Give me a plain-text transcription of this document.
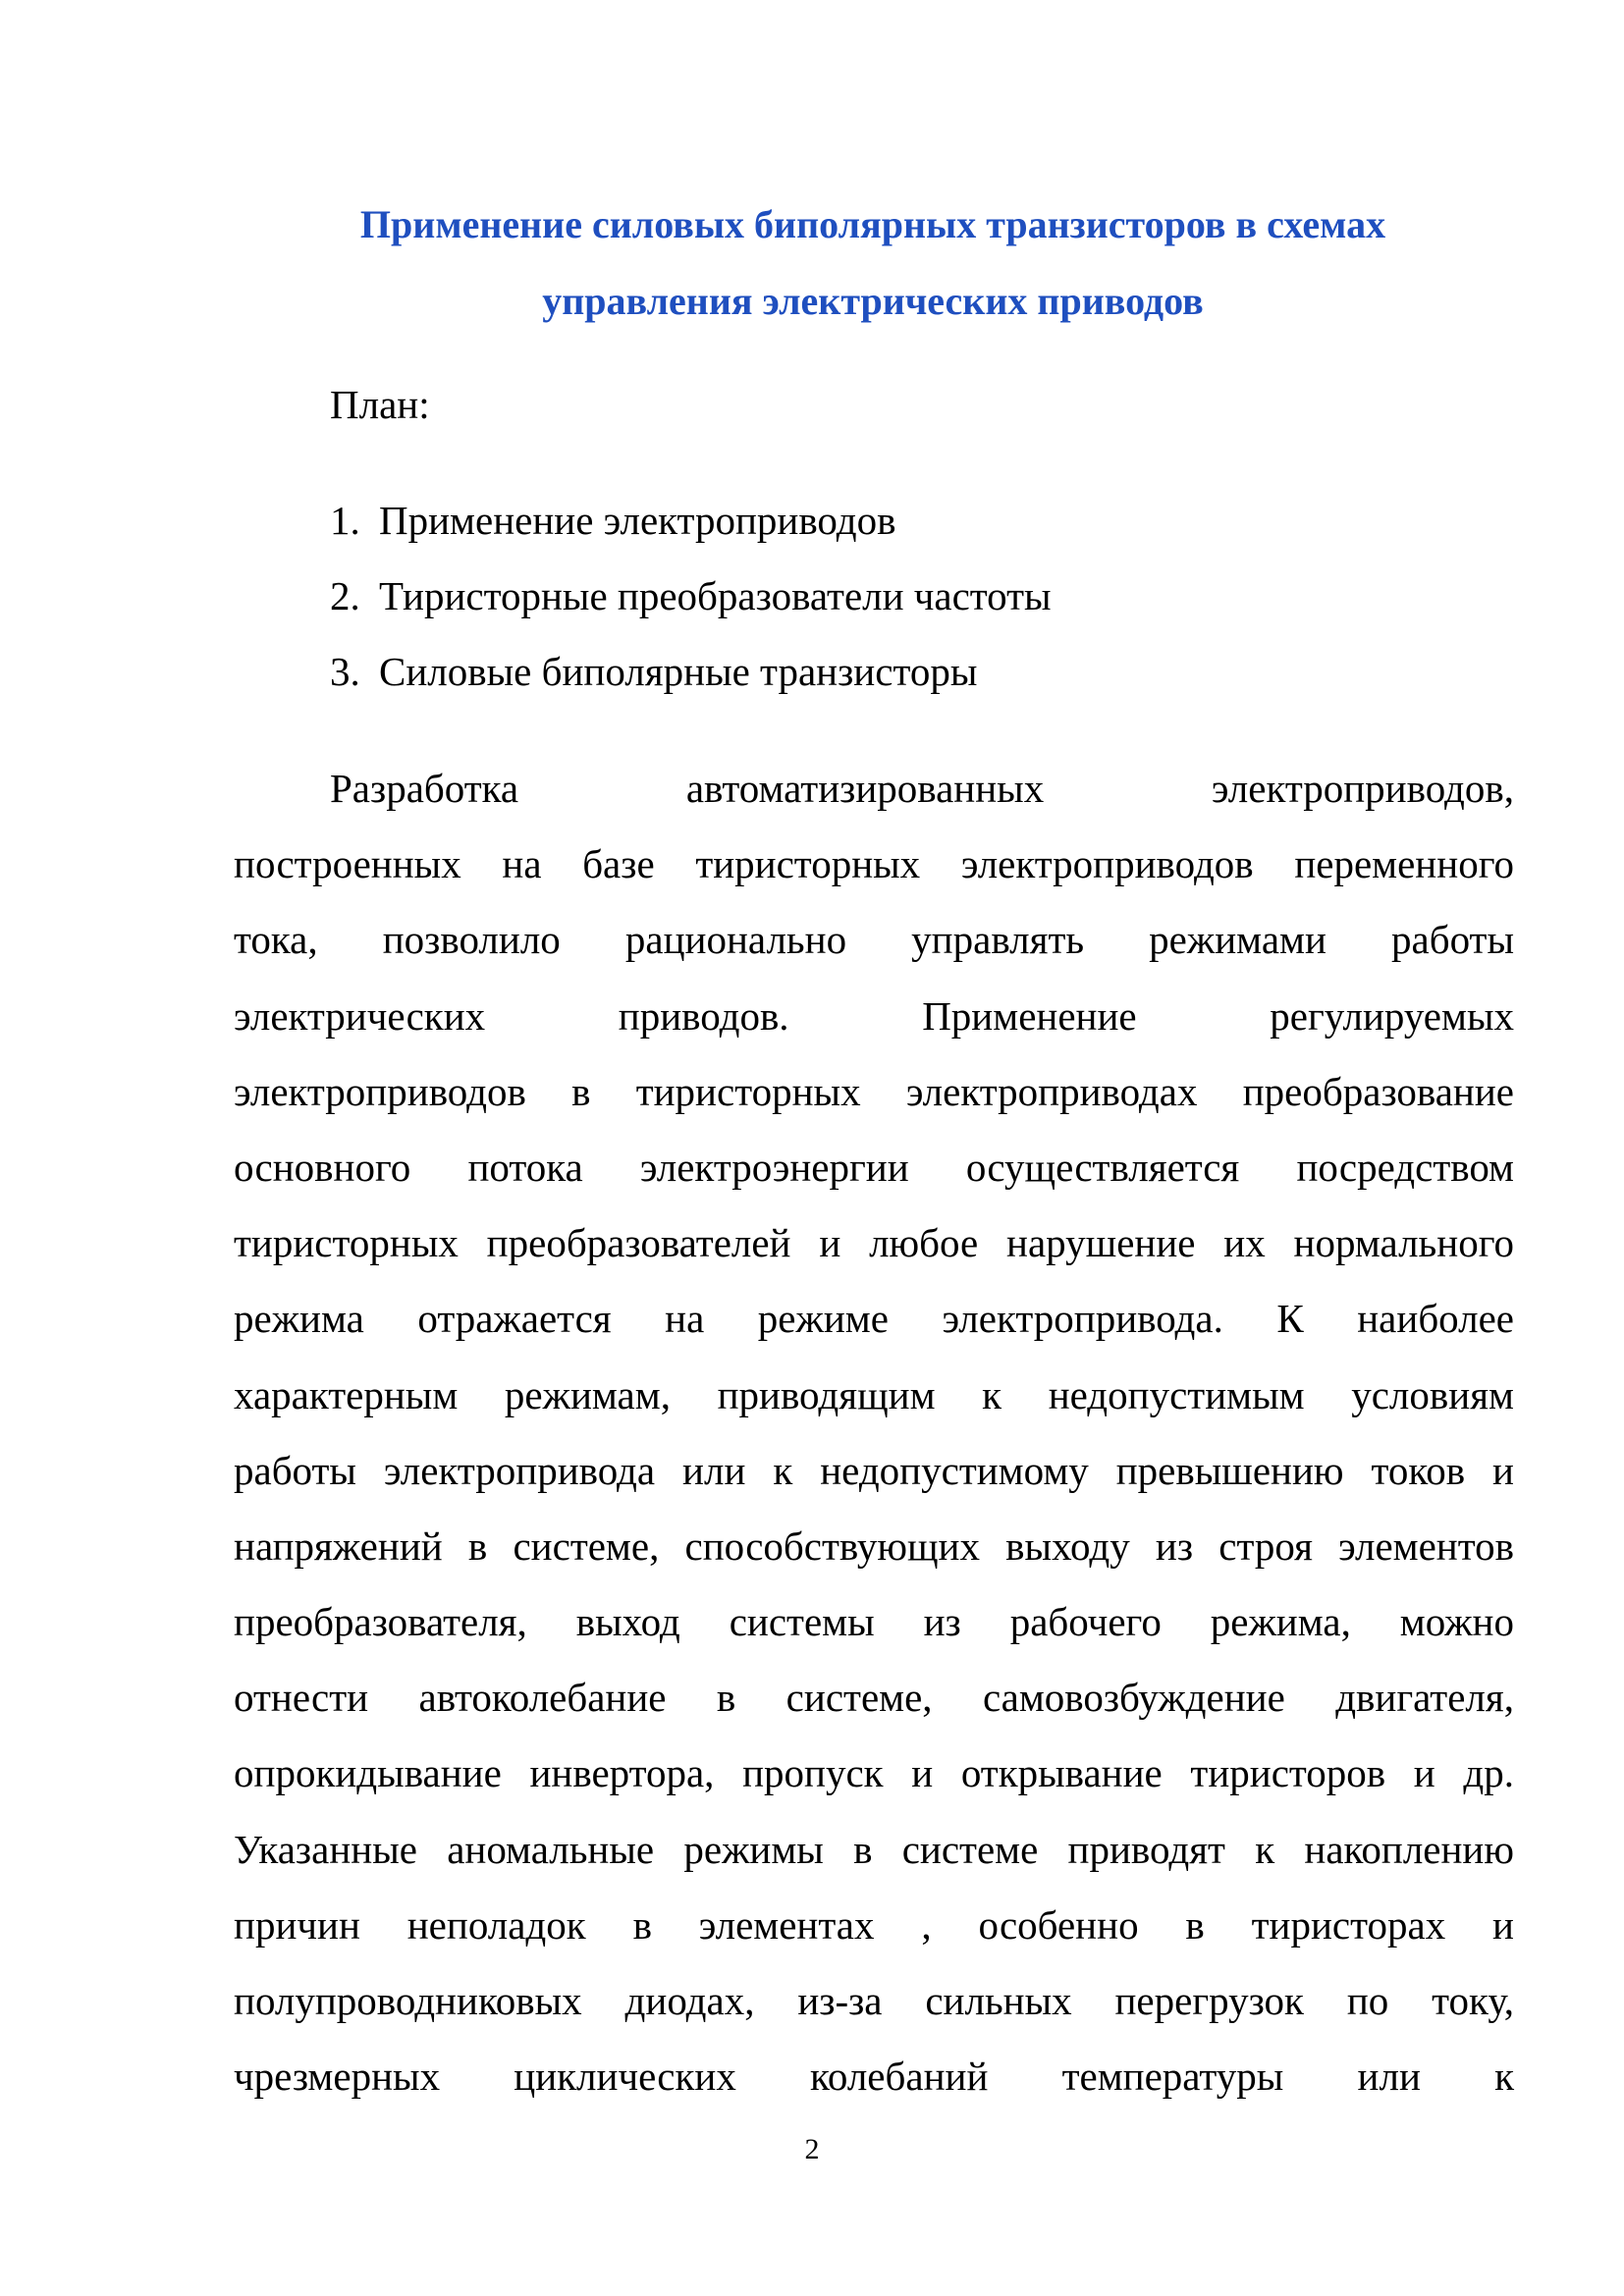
Применение силовых биполярных транзисторов в схемах
управления электрических приводов

План:

1. Применение электроприводов
2. Тиристорные преобразователи частоты
3. Силовые биполярные транзисторы
Разработка автоматизированных электроприводов,
построенных на базе тиристорных электроприводов переменного
тока, позволило рационально управлять режимами работы
электрических приводов. Применение регулируемых
электроприводов в тиристорных электроприводах преобразование
основного потока электроэнергии осуществляется посредством
тиристорных преобразователей и любое нарушение их нормального
режима отражается на режиме электропривода. К наиболее
характерным режимам, приводящим к недопустимым условиям
работы электропривода или к недопустимому превышению токов и
напряжений в системе, способствующих выходу из строя элементов
преобразователя, выход системы из рабочего режима, можно
отнести автоколебание в системе, самовозбуждение двигателя,
опрокидывание инвертора, пропуск и открывание тиристоров и др.
Указанные аномальные режимы в системе приводят к накоплению
причин неполадок в элементах , особенно в тиристорах и
полупроводниковых диодах, из-за сильных перегрузок по току,
чрезмерных циклических колебаний температуры или к
2
